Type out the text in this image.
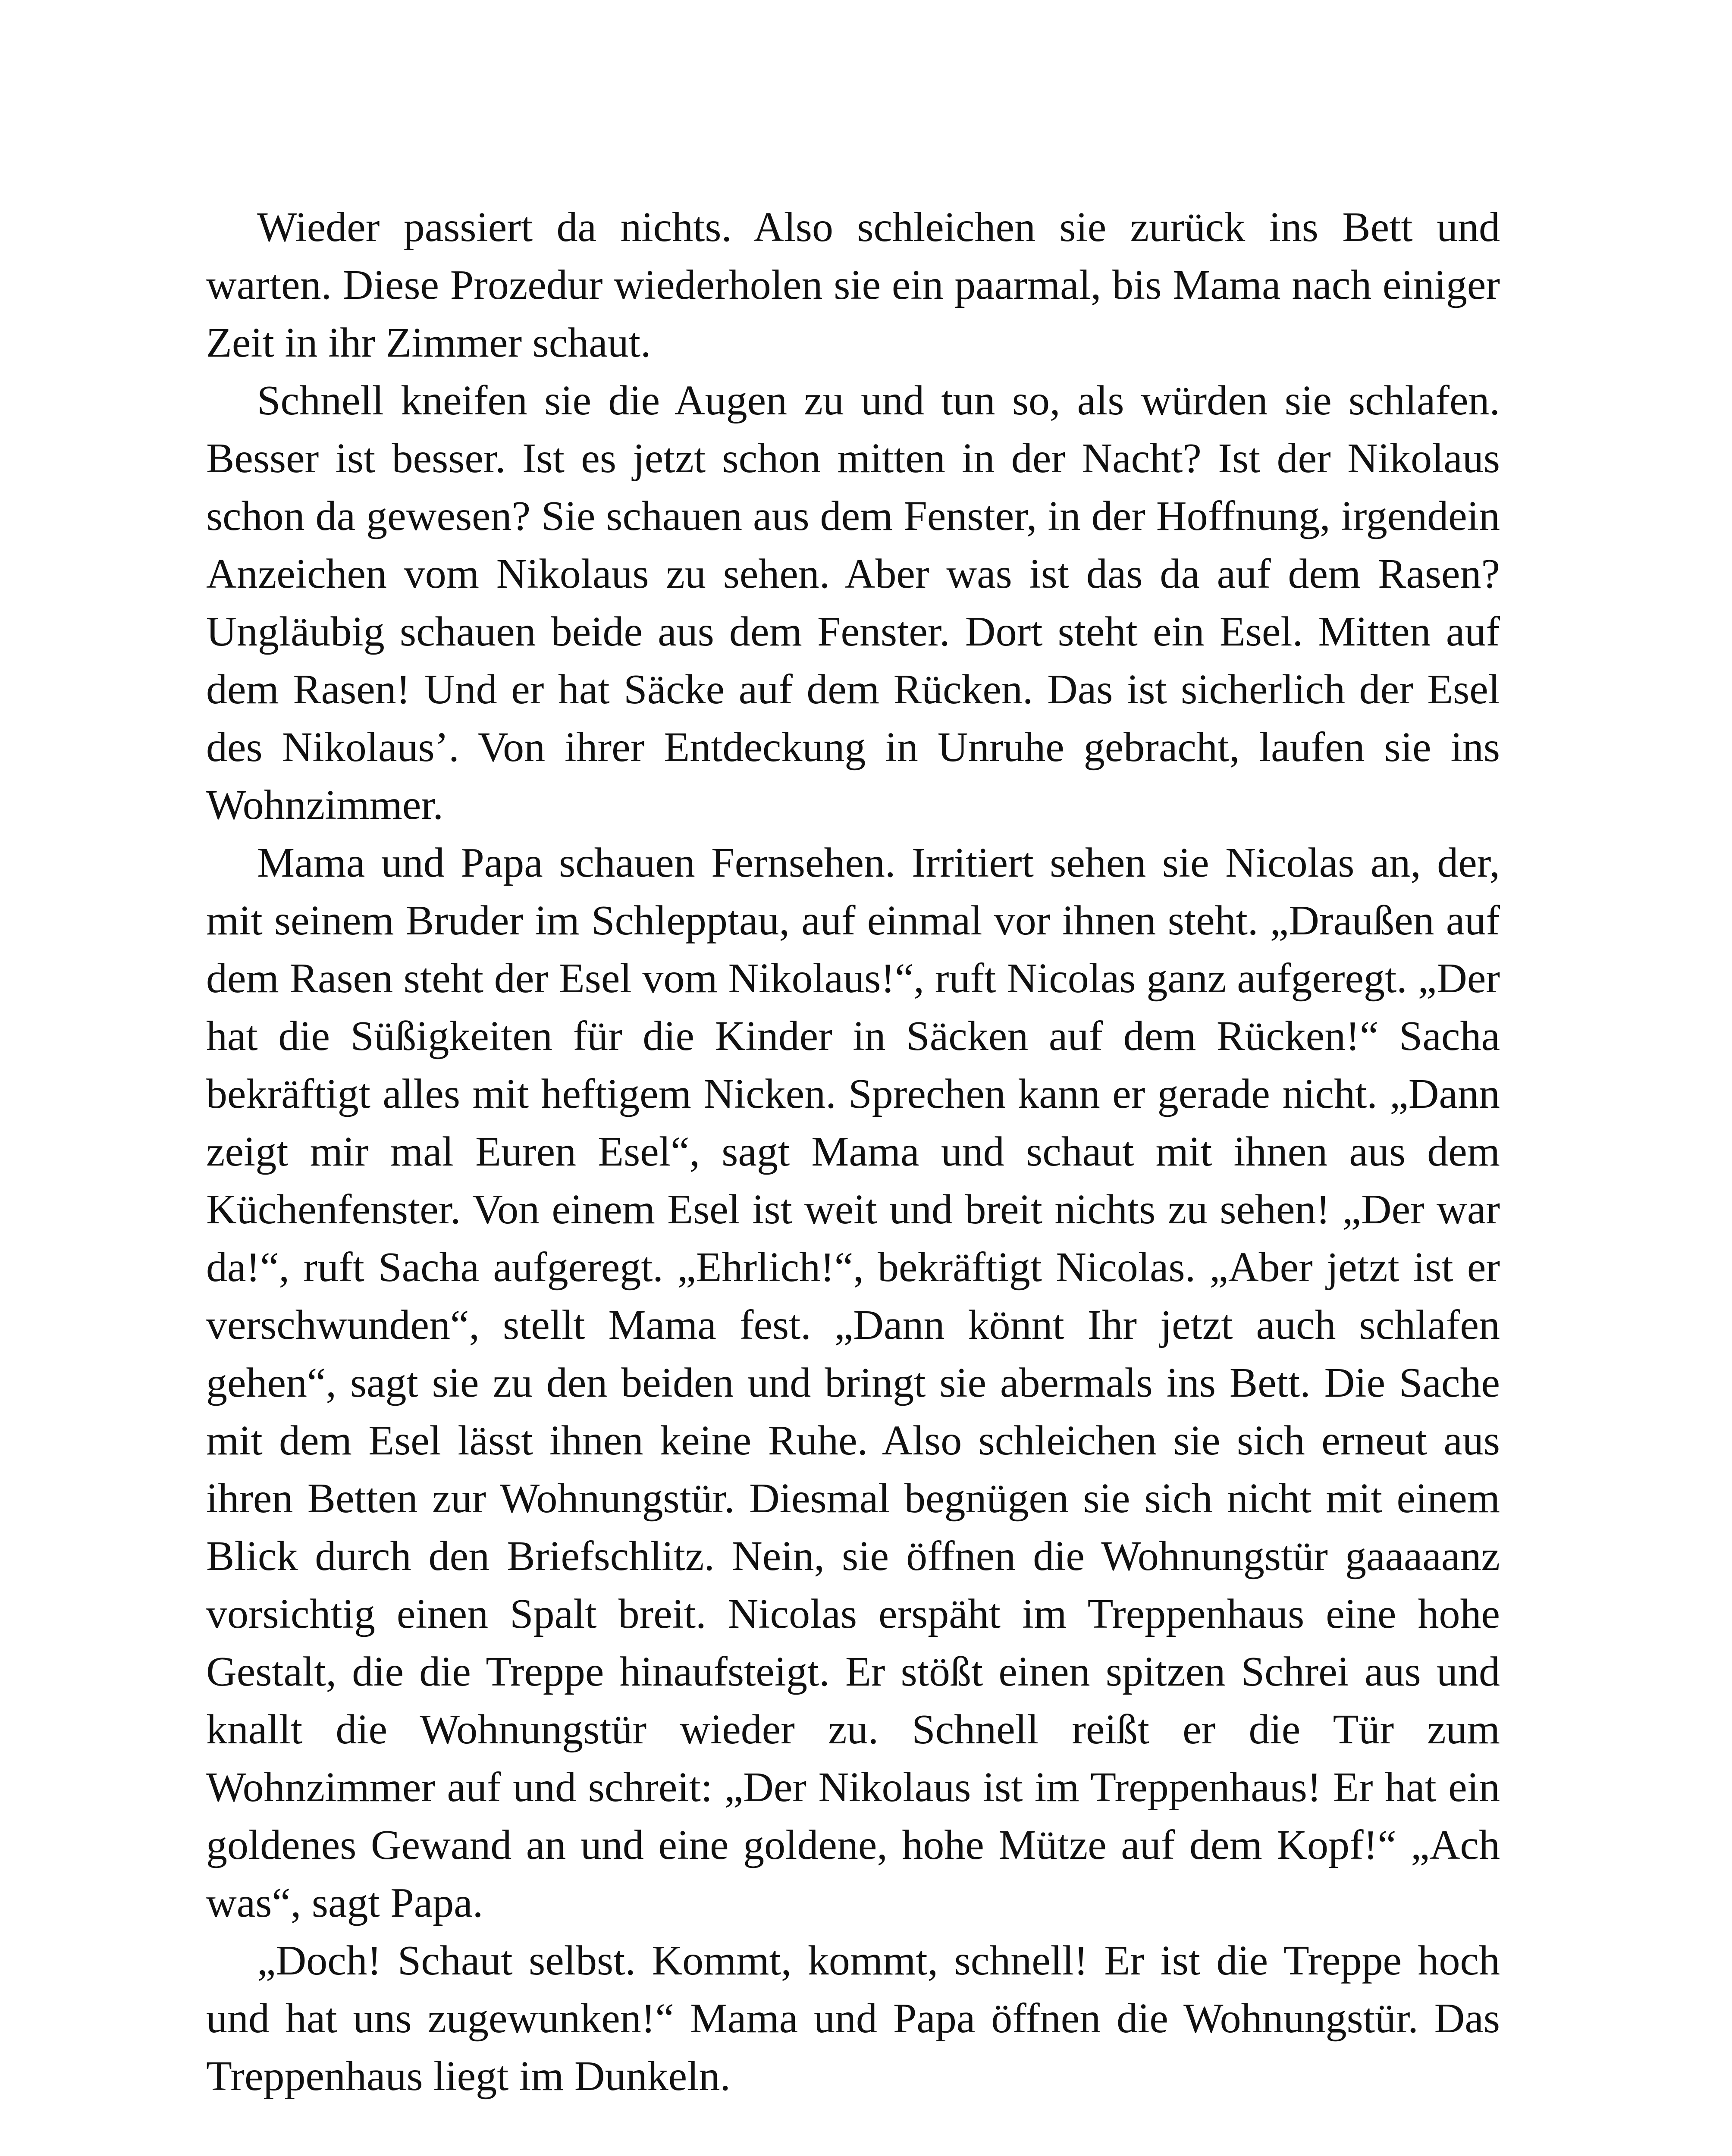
Wieder passiert da nichts. Also schleichen sie zurück ins Bett und warten. Diese Prozedur wiederholen sie ein paarmal, bis Mama nach einiger Zeit in ihr Zimmer schaut.

Schnell kneifen sie die Augen zu und tun so, als würden sie schlafen. Besser ist besser. Ist es jetzt schon mitten in der Nacht? Ist der Nikolaus schon da gewesen? Sie schauen aus dem Fenster, in der Hoffnung, irgendein Anzeichen vom Nikolaus zu sehen. Aber was ist das da auf dem Rasen? Ungläubig schauen beide aus dem Fenster. Dort steht ein Esel. Mitten auf dem Rasen! Und er hat Säcke auf dem Rücken. Das ist sicherlich der Esel des Nikolaus’. Von ihrer Entdeckung in Unruhe gebracht, laufen sie ins Wohnzimmer.

Mama und Papa schauen Fernsehen. Irritiert sehen sie Nicolas an, der, mit seinem Bruder im Schlepptau, auf einmal vor ihnen steht. „Draußen auf dem Rasen steht der Esel vom Nikolaus!“, ruft Nicolas ganz aufgeregt. „Der hat die Süßigkeiten für die Kinder in Säcken auf dem Rücken!“ Sacha bekräftigt alles mit heftigem Nicken. Sprechen kann er gerade nicht. „Dann zeigt mir mal Euren Esel“, sagt Mama und schaut mit ihnen aus dem Küchenfenster. Von einem Esel ist weit und breit nichts zu sehen! „Der war da!“, ruft Sacha aufgeregt. „Ehrlich!“, bekräftigt Nicolas. „Aber jetzt ist er verschwunden“, stellt Mama fest. „Dann könnt Ihr jetzt auch schlafen gehen“, sagt sie zu den beiden und bringt sie abermals ins Bett. Die Sache mit dem Esel lässt ihnen keine Ruhe. Also schleichen sie sich erneut aus ihren Betten zur Wohnungstür. Diesmal begnügen sie sich nicht mit einem Blick durch den Briefschlitz. Nein, sie öffnen die Wohnungstür gaaaaanz vorsichtig einen Spalt breit. Nicolas erspäht im Treppenhaus eine hohe Gestalt, die die Treppe hinaufsteigt. Er stößt einen spitzen Schrei aus und knallt die Wohnungstür wieder zu. Schnell reißt er die Tür zum Wohnzimmer auf und schreit: „Der Nikolaus ist im Treppenhaus! Er hat ein goldenes Gewand an und eine goldene, hohe Mütze auf dem Kopf!“ „Ach was“, sagt Papa.

„Doch! Schaut selbst. Kommt, kommt, schnell! Er ist die Treppe hoch und hat uns zugewunken!“ Mama und Papa öffnen die Wohnungstür. Das Treppenhaus liegt im Dunkeln.
